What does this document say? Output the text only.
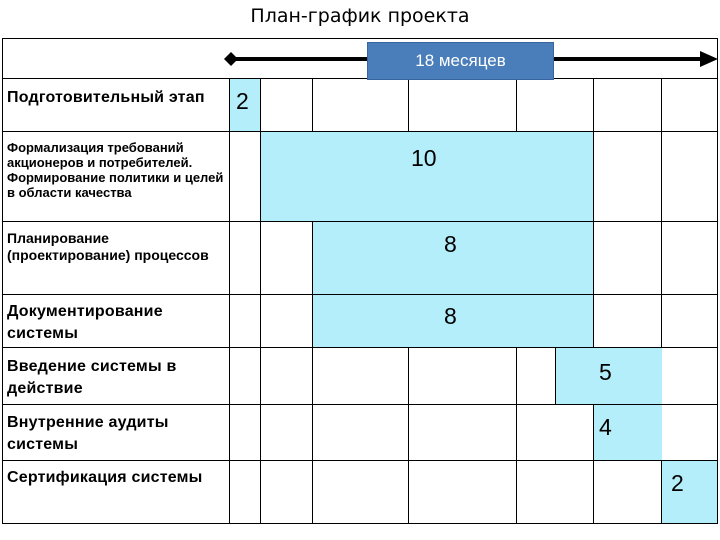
План-график проекта
18 месяцев
Подготовительный этап
Формализация требований акционеров и потребителей. Формирование политики и целей в области качества
Планирование (проектирование) процессов
Документирование системы
Введение системы в действие
Внутренние аудиты системы
Сертификация системы
2
10
8
8
5
4
2
